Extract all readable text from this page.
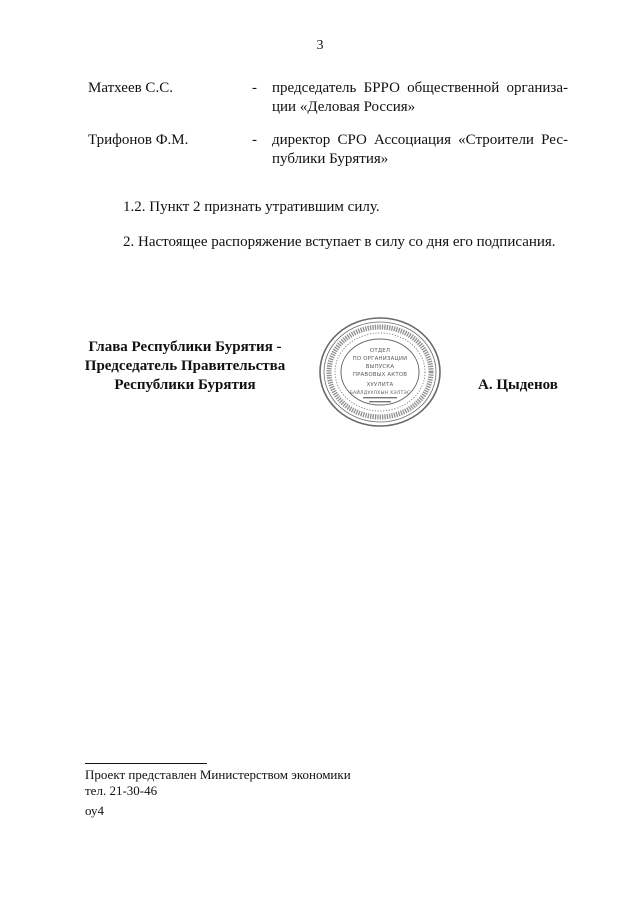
3
Матхеев С.С.	- председатель БРРО общественной организа-
ции «Деловая Россия»
Трифонов Ф.М.	- директор СРО Ассоциация «Строители Рес-
публики Бурятия»
1.2. Пункт 2 признать утратившим силу.
2. Настоящее распоряжение вступает в силу со дня его подписания.
Глава Республики Бурятия -
Председатель Правительства
Республики Бурятия
ОТДЕЛ
ПО ОРГАНИЗАЦИИ
ВЫПУСКА
ПРАВОВЫХ АКТОВ
ХУУЛИТА
БАЙЛДУУЛХЫН ХЭЛТЭС
А. Цыденов
Проект представлен Министерством экономики
тел. 21-30-46
оу4
